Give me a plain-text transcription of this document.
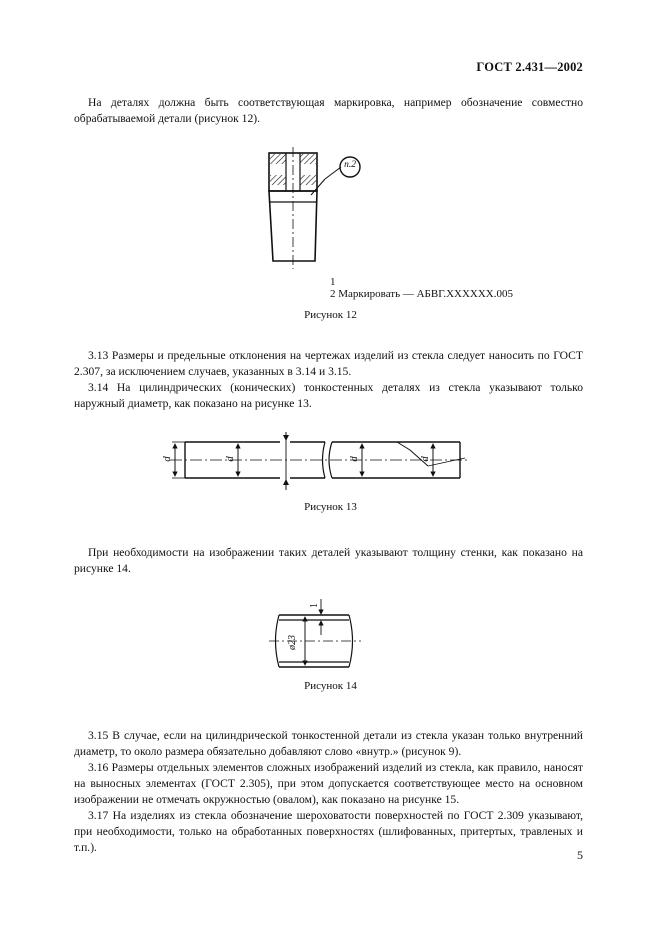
ГОСТ 2.431—2002

На деталях должна быть соответствующая маркировка, например обозначение совместно обрабатываемой детали (рисунок 12).

п.2
1
2 Маркировать — АБВГ.ХХХХХХ.005
Рисунок 12

3.13 Размеры и предельные отклонения на чертежах изделий из стекла следует наносить по ГОСТ 2.307, за исключением случаев, указанных в 3.14 и 3.15.

3.14 На цилиндрических (конических) тонкостенных деталях из стекла указывают только наружный диаметр, как показано на рисунке 13.

d	d	d	d
Рисунок 13

При необходимости на изображении таких деталей указывают толщину стенки, как показано на рисунке 14.

1
ø23
Рисунок 14

3.15 В случае, если на цилиндрической тонкостенной детали из стекла указан только внутренний диаметр, то около размера обязательно добавляют слово «внутр.» (рисунок 9).

3.16 Размеры отдельных элементов сложных изображений изделий из стекла, как правило, наносят на выносных элементах (ГОСТ 2.305), при этом допускается соответствующее место на основном изображении не отмечать окружностью (овалом), как показано на рисунке 15.

3.17 На изделиях из стекла обозначение шероховатости поверхностей по ГОСТ 2.309 указывают, при необходимости, только на обработанных поверхностях (шлифованных, притертых, травленых и т.п.).

5
